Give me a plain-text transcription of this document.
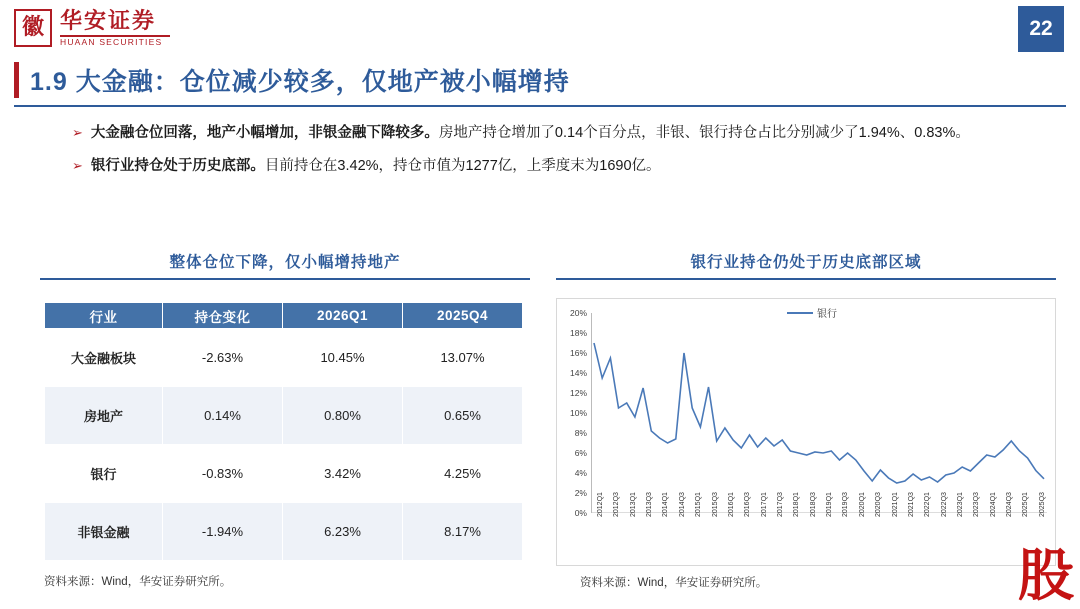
徽 华安证券
HUAAN SECURITIES
22
1.9 大金融：仓位减少较多，仅地产被小幅增持
➢ 大金融仓位回落，地产小幅增加，非银金融下降较多。房地产持仓增加了0.14个百分点，非银、银行持仓占比分别减少了1.94%、0.83%。
➢ 银行业持仓处于历史底部。目前持仓在3.42%，持仓市值为1277亿，上季度末为1690亿。
整体仓位下降，仅小幅增持地产
行业	持仓变化	2026Q1	2025Q4
大金融板块	-2.63%	10.45%	13.07%
房地产	0.14%	0.80%	0.65%
银行	-0.83%	3.42%	4.25%
非银金融	-1.94%	6.23%	8.17%
资料来源：Wind，华安证券研究所。
银行业持仓仍处于历史底部区域
银行
0%
2%
4%
6%
8%
10%
12%
14%
16%
18%
20%
2012Q1 2012Q3 2013Q1 2013Q3 2014Q1 2014Q3 2015Q1 2015Q3 2016Q1 2016Q3 2017Q1 2017Q3 2018Q1 2018Q3 2019Q1 2019Q3 2020Q1 2020Q3 2021Q1 2021Q3 2022Q1 2022Q3 2023Q1 2023Q3 2024Q1 2024Q3 2025Q1 2025Q3
资料来源：Wind，华安证券研究所。	股
